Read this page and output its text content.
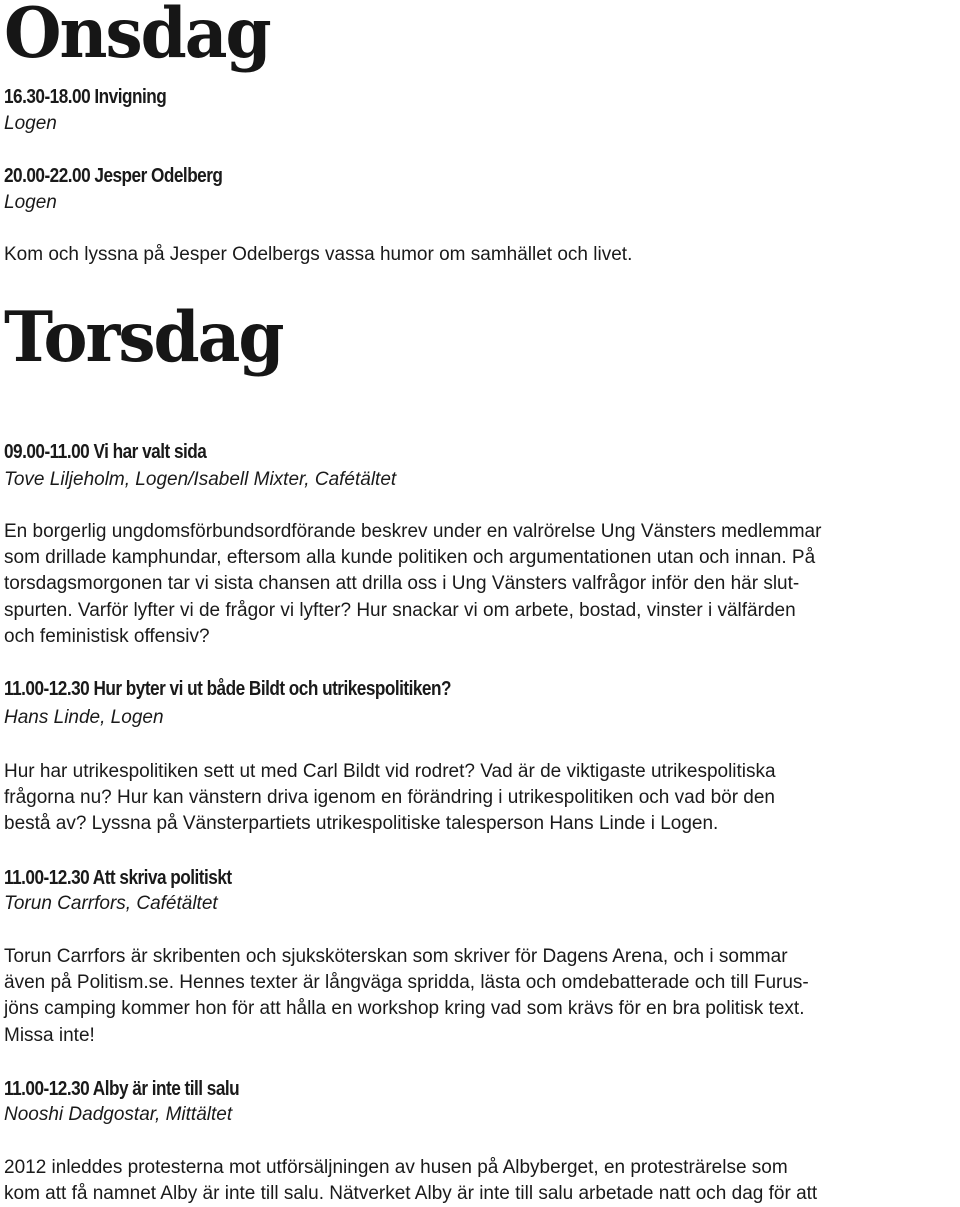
Onsdag
16.30-18.00 Invigning
Logen
20.00-22.00 Jesper Odelberg
Logen
Kom och lyssna på Jesper Odelbergs vassa humor om samhället och livet.
Torsdag
09.00-11.00 Vi har valt sida
Tove Liljeholm, Logen/Isabell Mixter, Cafétältet
En borgerlig ungdomsförbundsordförande beskrev under en valrörelse Ung Vänsters medlemmar
som drillade kamphundar, eftersom alla kunde politiken och argumentationen utan och innan. På
torsdagsmorgonen tar vi sista chansen att drilla oss i Ung Vänsters valfrågor inför den här slut-
spurten. Varför lyfter vi de frågor vi lyfter? Hur snackar vi om arbete, bostad, vinster i välfärden
och feministisk offensiv?
11.00-12.30 Hur byter vi ut både Bildt och utrikespolitiken?
Hans Linde, Logen
Hur har utrikespolitiken sett ut med Carl Bildt vid rodret? Vad är de viktigaste utrikespolitiska
frågorna nu? Hur kan vänstern driva igenom en förändring i utrikespolitiken och vad bör den
bestå av? Lyssna på Vänsterpartiets utrikespolitiske talesperson Hans Linde i Logen.
11.00-12.30 Att skriva politiskt
Torun Carrfors, Cafétältet
Torun Carrfors är skribenten och sjuksköterskan som skriver för Dagens Arena, och i sommar
även på Politism.se. Hennes texter är långväga spridda, lästa och omdebatterade och till Furus-
jöns camping kommer hon för att hålla en workshop kring vad som krävs för en bra politisk text.
Missa inte!
11.00-12.30 Alby är inte till salu
Nooshi Dadgostar, Mittältet
2012 inleddes protesterna mot utförsäljningen av husen på Albyberget, en protesträrelse som
kom att få namnet Alby är inte till salu. Nätverket Alby är inte till salu arbetade natt och dag för att
